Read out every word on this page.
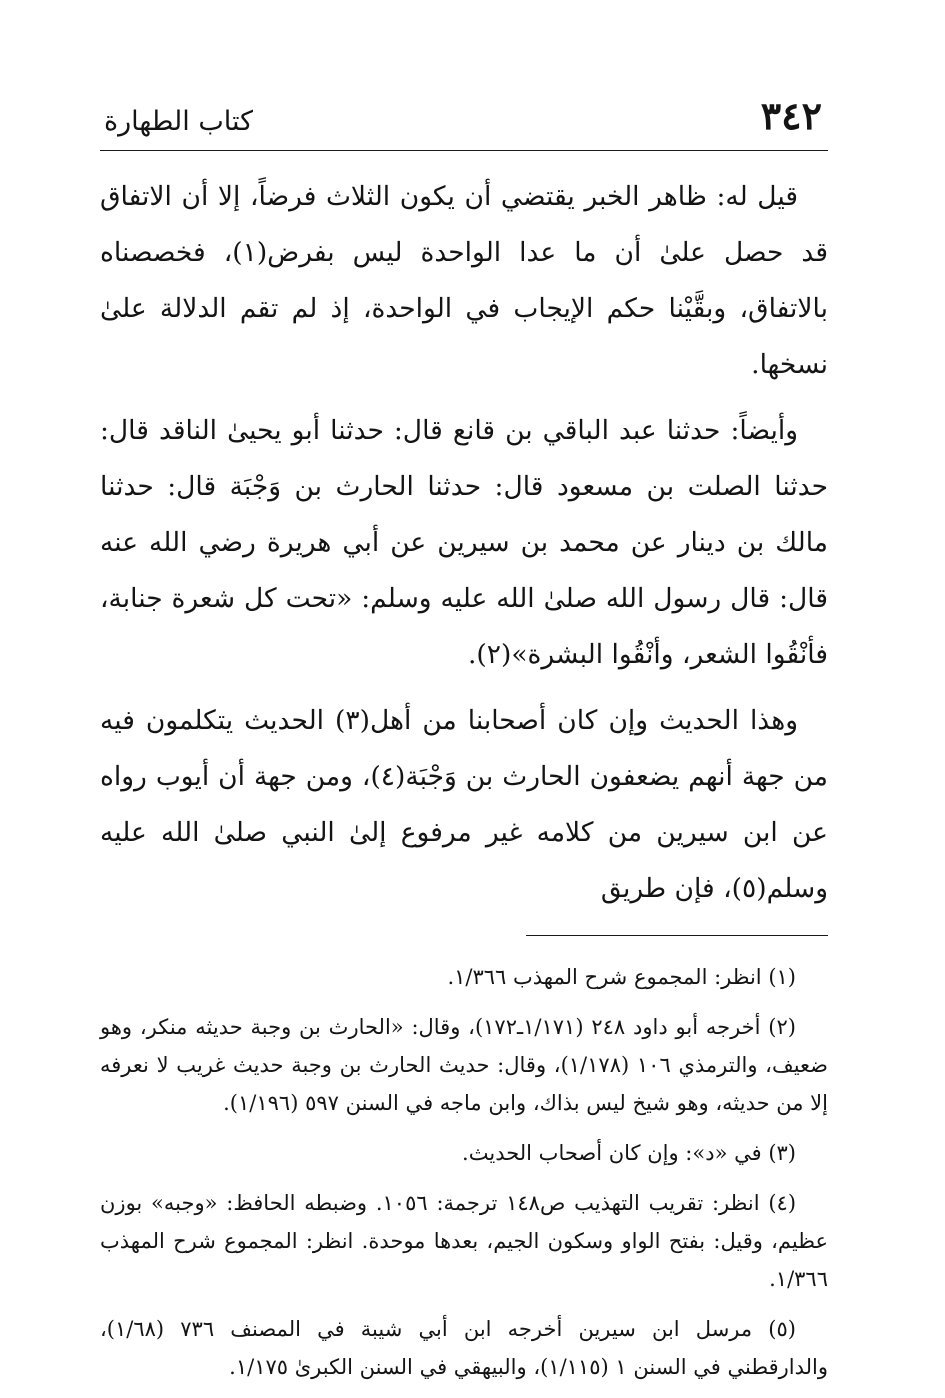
٣٤٢
كتاب الطهارة

قيل له: ظاهر الخبر يقتضي أن يكون الثلاث فرضاً، إلا أن الاتفاق قد حصل علىٰ أن ما عدا الواحدة ليس بفرض(١)، فخصصناه بالاتفاق، وبقَّيْنا حكم الإيجاب في الواحدة، إذ لم تقم الدلالة علىٰ نسخها.

وأيضاً: حدثنا عبد الباقي بن قانع قال: حدثنا أبو يحيىٰ الناقد قال: حدثنا الصلت بن مسعود قال: حدثنا الحارث بن وَجْبَة قال: حدثنا مالك بن دينار عن محمد بن سيرين عن أبي هريرة رضي الله عنه قال: قال رسول الله صلىٰ الله عليه وسلم: «تحت كل شعرة جنابة، فأنْقُوا الشعر، وأنْقُوا البشرة»(٢).

وهذا الحديث وإن كان أصحابنا من أهل(٣) الحديث يتكلمون فيه من جهة أنهم يضعفون الحارث بن وَجْبَة(٤)، ومن جهة أن أيوب رواه عن ابن سيرين من كلامه غير مرفوع إلىٰ النبي صلىٰ الله عليه وسلم(٥)، فإن طريق

(١) انظر: المجموع شرح المهذب ١/٣٦٦.

(٢) أخرجه أبو داود ٢٤٨ (١/١٧١ـ١٧٢)، وقال: «الحارث بن وجبة حديثه منكر، وهو ضعيف، والترمذي ١٠٦ (١/١٧٨)، وقال: حديث الحارث بن وجبة حديث غريب لا نعرفه إلا من حديثه، وهو شيخ ليس بذاك، وابن ماجه في السنن ٥٩٧ (١/١٩٦).

(٣) في «د»: وإن كان أصحاب الحديث.

(٤) انظر: تقريب التهذيب ص١٤٨ ترجمة: ١٠٥٦. وضبطه الحافظ: «وجبه» بوزن عظيم، وقيل: بفتح الواو وسكون الجيم، بعدها موحدة. انظر: المجموع شرح المهذب ١/٣٦٦.

(٥) مرسل ابن سيرين أخرجه ابن أبي شيبة في المصنف ٧٣٦ (١/٦٨)، والدارقطني في السنن ١ (١/١١٥)، والبيهقي في السنن الكبرىٰ ١/١٧٥.
